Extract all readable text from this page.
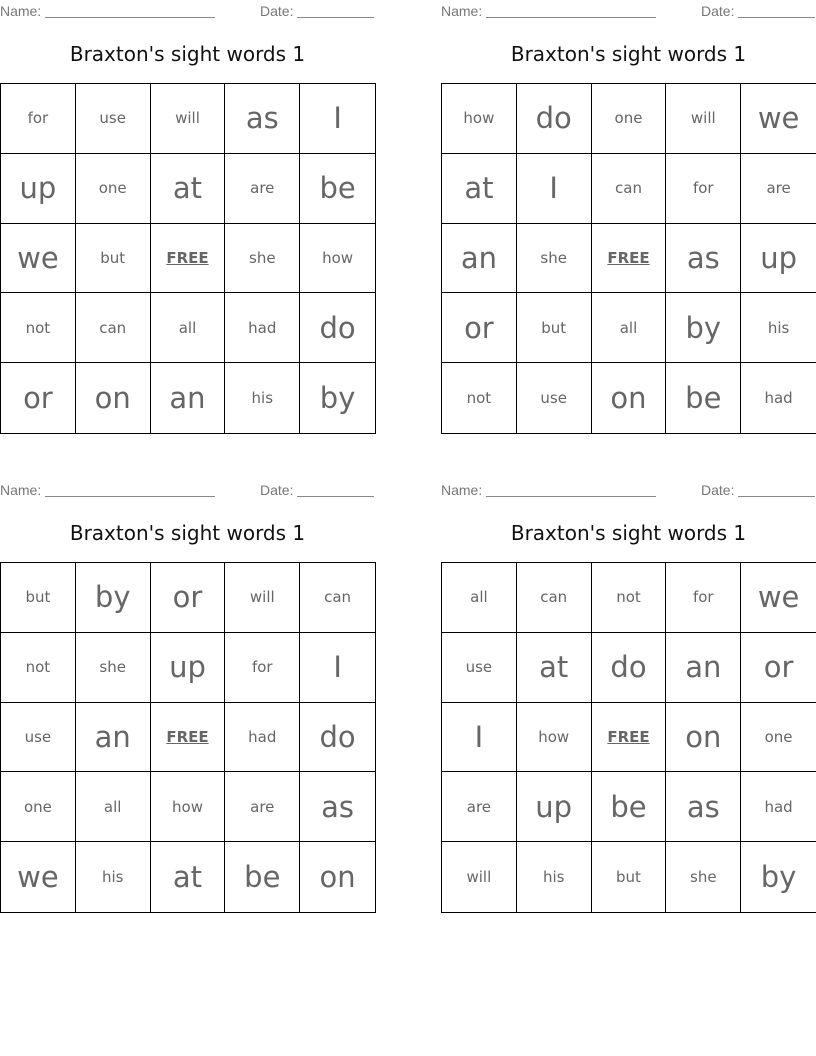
Name:	Date:
Braxton's sight words 1
for	use	will	as	I
up	one	at	are	be
we	but	FREE	she	how
not	can	all	had	do
or	on	an	his	by
Name:	Date:
Braxton's sight words 1
how	do	one	will	we
at	I	can	for	are
an	she	FREE	as	up
or	but	all	by	his
not	use	on	be	had
Name:	Date:
Braxton's sight words 1
but	by	or	will	can
not	she	up	for	I
use	an	FREE	had	do
one	all	how	are	as
we	his	at	be	on
Name:	Date:
Braxton's sight words 1
all	can	not	for	we
use	at	do	an	or
I	how	FREE	on	one
are	up	be	as	had
will	his	but	she	by
